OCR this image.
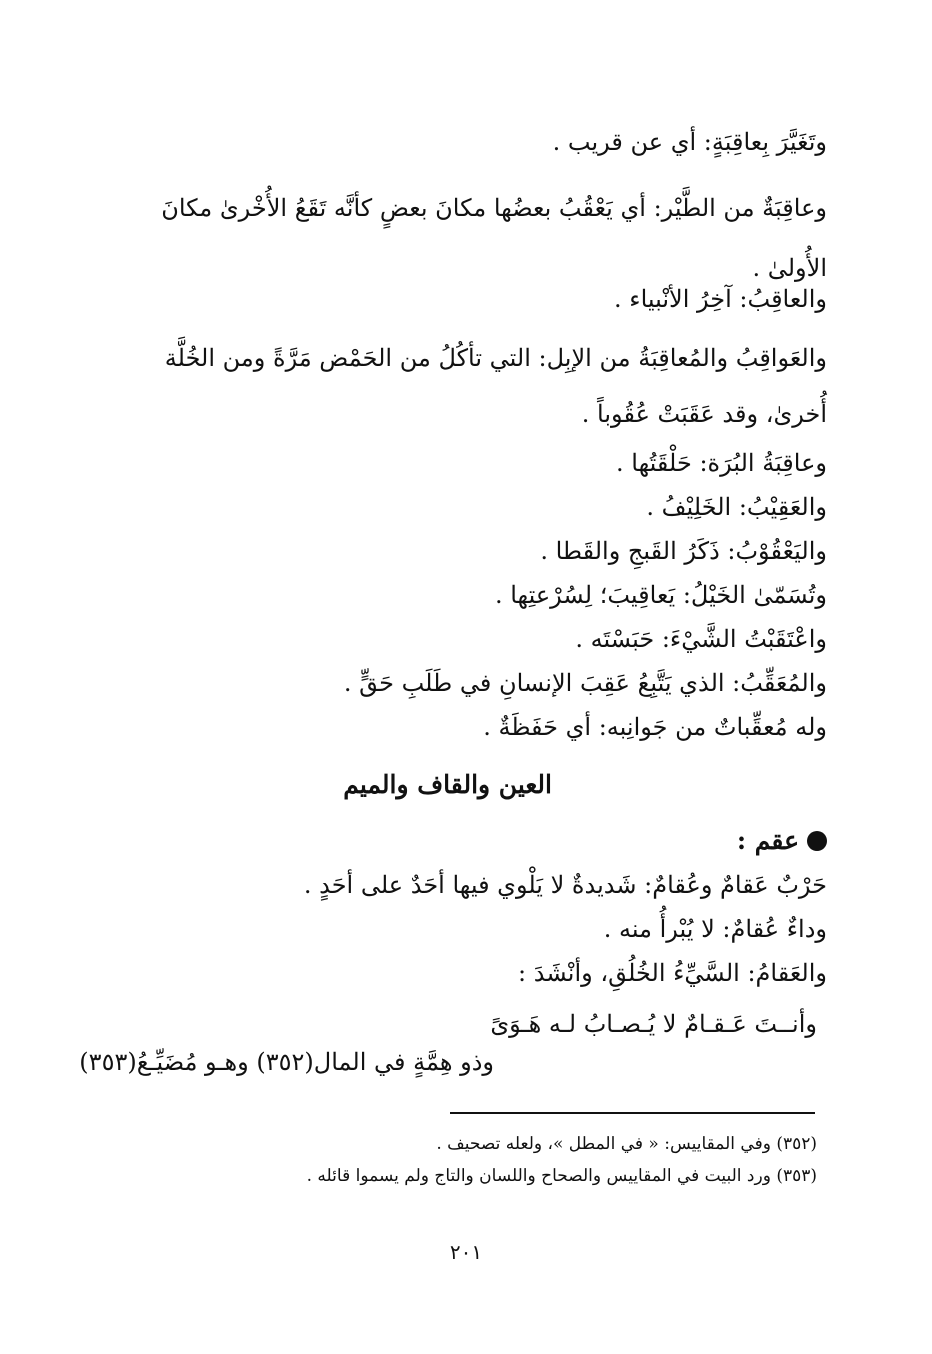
وتَغَيَّرَ بِعاقِبَةٍ: أي عن قريب .
وعاقِبَةٌ من الطَّيْر: أي يَعْقُبُ بعضُها مكانَ بعضٍ كأنَّه تَقَعُ الأُخْرىٰ مكانَ الأُولىٰ .
والعاقِبُ: آخِرُ الأنْبياء .
والعَواقِبُ والمُعاقِبَةُ من الإبِل: التي تأكُلُ من الحَمْض مَرَّةً ومن الخُلَّة أُخرىٰ، وقد عَقَبَتْ عُقُوباً .
وعاقِبَةُ البُرَة: حَلْقَتُها .
والعَقِيْبُ: الخَلِيْفُ .
واليَعْقُوْبُ: ذَكَرُ القَبجِ والقَطا .
وتُسَمّىٰ الخَيْلُ: يَعاقِيبَ؛ لِسُرْعتِها .
واعْتَقَبْتُ الشَّيْءَ: حَبَسْتَه .
والمُعَقِّبُ: الذي يَتَّبِعُ عَقِبَ الإنسانِ في طَلَبِ حَقٍّ .
وله مُعقِّباتٌ من جَوانِبه: أي حَفَظَةٌ .
العين والقاف والميم
عقم :
حَرْبٌ عَقامٌ وعُقامٌ: شَديدةٌ لا يَلْوي فيها أحَدٌ على أحَدٍ .
وداءٌ عُقامٌ: لا يُبْرأُ منه .
والعَقامُ: السَّيِّءُ الخُلُقِ، وأنْشَدَ :
وأنــتَ عَـقـامٌ لا يُـصـابُ لـه هَـوَىً
وذو هِمَّةٍ في المال(٣٥٢) وهـو مُضَيِّـعُ(٣٥٣)
(٣٥٢) وفي المقاييس: « في المطل »، ولعله تصحيف .
(٣٥٣) ورد البيت في المقاييس والصحاح واللسان والتاج ولم يسموا قائله .
٢٠١
